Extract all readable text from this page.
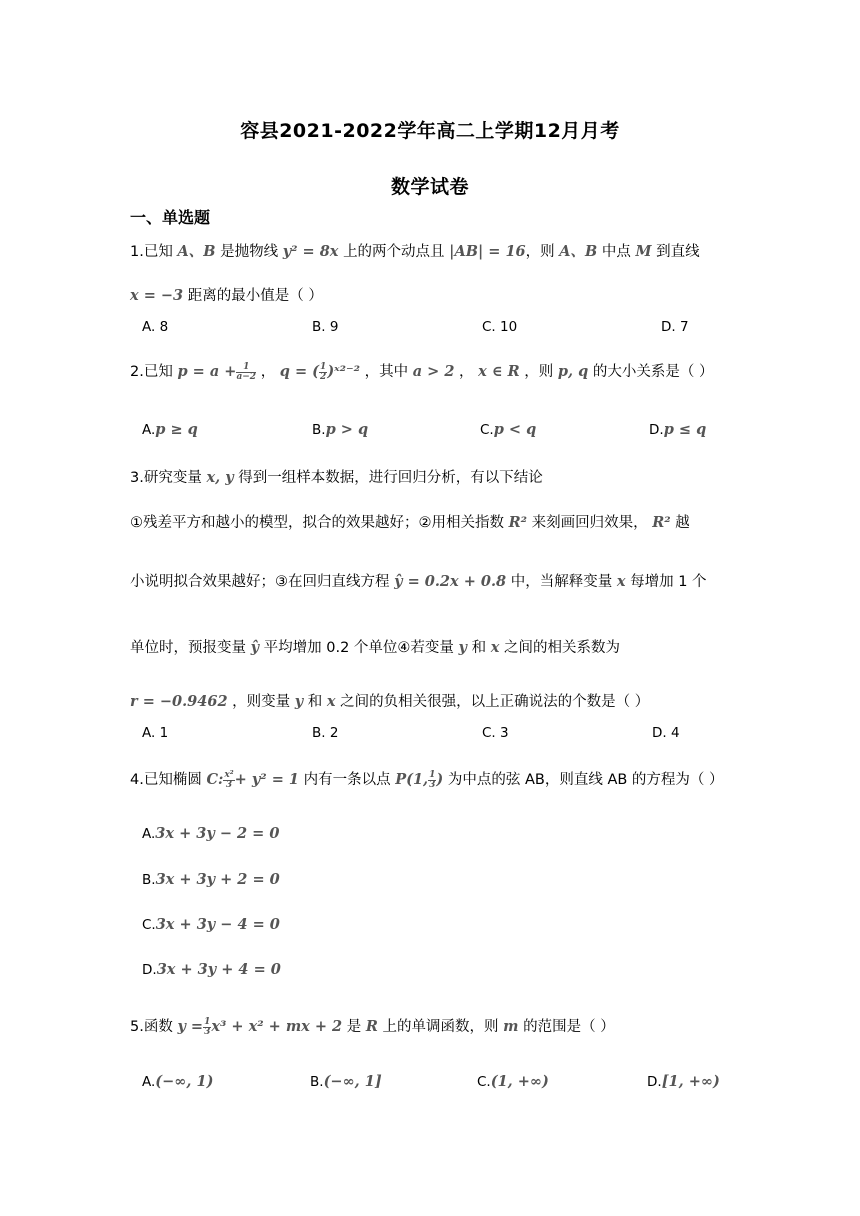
容县2021-2022学年高二上学期12月月考
数学试卷
一、单选题
1.已知 A、B 是抛物线 y² = 8x 上的两个动点且 |AB| = 16，则 A、B 中点 M 到直线
x = −3 距离的最小值是（ ）
A. 8	B. 9	C. 10	D. 7
2.已知 $p = a + \frac{1}{a-2}$ ， q = ( $\frac{1}{2}$ )ˣ²⁻² ，其中 a > 2 ， x ∈ R ，则 p, q 的大小关系是（ ）
A.p ≥ q	B.p > q	C.p < q	D.p ≤ q
3.研究变量 x, y 得到一组样本数据，进行回归分析，有以下结论
①残差平方和越小的模型，拟合的效果越好；②用相关指数 R² 来刻画回归效果， R² 越
小说明拟合效果越好；③在回归直线方程 ŷ = 0.2x + 0.8 中，当解释变量 x 每增加 1 个
单位时，预报变量 ŷ 平均增加 0.2 个单位④若变量 y 和 x 之间的相关系数为
r = −0.9462 ，则变量 y 和 x 之间的负相关很强，以上正确说法的个数是（ ）
A. 1	B. 2	C. 3	D. 4
4.已知椭圆 C: $\frac{\text{x²}}{3} + y^2 = 1$ 内有一条以点 P(1, $\frac{1}{3}$ ) 为中点的弦 AB，则直线 AB 的方程为（ ）
A.3x + 3y − 2 = 0
B.3x + 3y + 2 = 0
C.3x + 3y − 4 = 0
D.3x + 3y + 4 = 0
5.函数 $y = \frac{1}{3} x^3 + x^2$ + mx + 2 是 R 上的单调函数，则 m 的范围是（ ）
A.(−∞, 1)	B.(−∞, 1]	C.(1, +∞)	D.[1, +∞)
